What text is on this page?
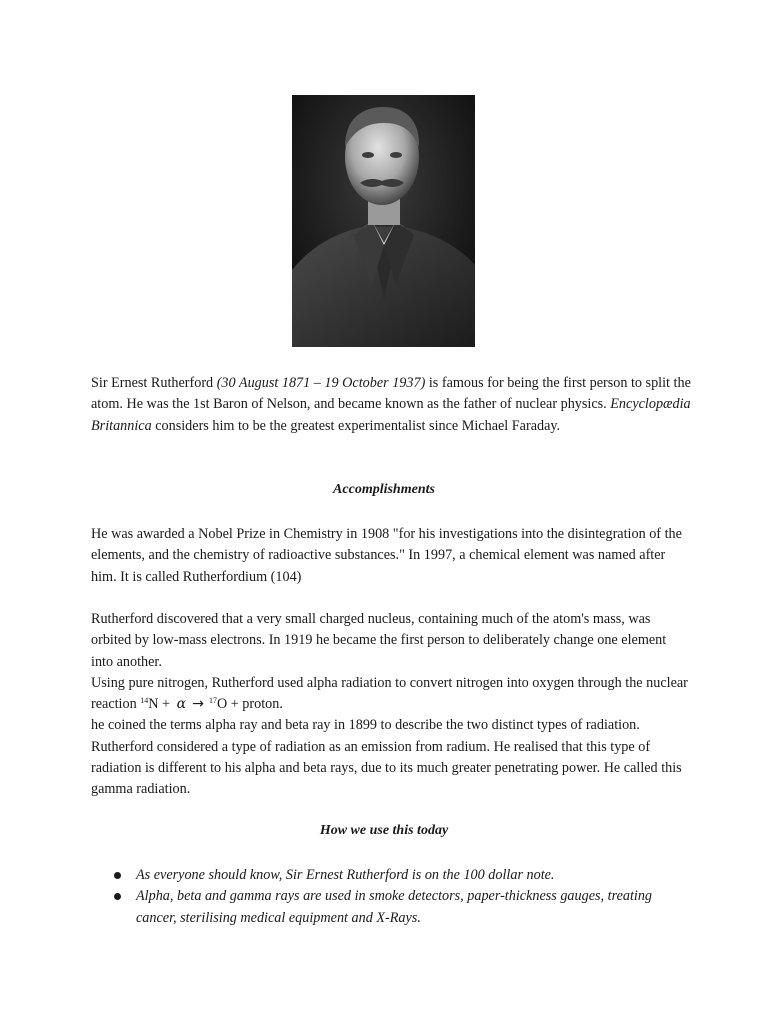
Sir Ernest Rutherford (30 August 1871 – 19 October 1937) is famous for being the first person to split the atom. He was the 1st Baron of Nelson, and became known as the father of nuclear physics. Encyclopædia Britannica considers him to be the greatest experimentalist since Michael Faraday.

Accomplishments

He was awarded a Nobel Prize in Chemistry in 1908 "for his investigations into the disintegration of the elements, and the chemistry of radioactive substances." In 1997, a chemical element was named after him. It is called Rutherfordium (104)

Rutherford discovered that a very small charged nucleus, containing much of the atom's mass, was orbited by low-mass electrons. In 1919 he became the first person to deliberately change one element into another.
Using pure nitrogen, Rutherford used alpha radiation to convert nitrogen into oxygen through the nuclear reaction $^{14}$N + α → $^{17}$O + proton.
he coined the terms alpha ray and beta ray in 1899 to describe the two distinct types of radiation.
Rutherford considered a type of radiation as an emission from radium. He realised that this type of radiation is different to his alpha and beta rays, due to its much greater penetrating power. He called this gamma radiation.
How we use this today
As everyone should know, Sir Ernest Rutherford is on the 100 dollar note.
Alpha, beta and gamma rays are used in smoke detectors, paper-thickness gauges, treating cancer, sterilising medical equipment and X-Rays.
